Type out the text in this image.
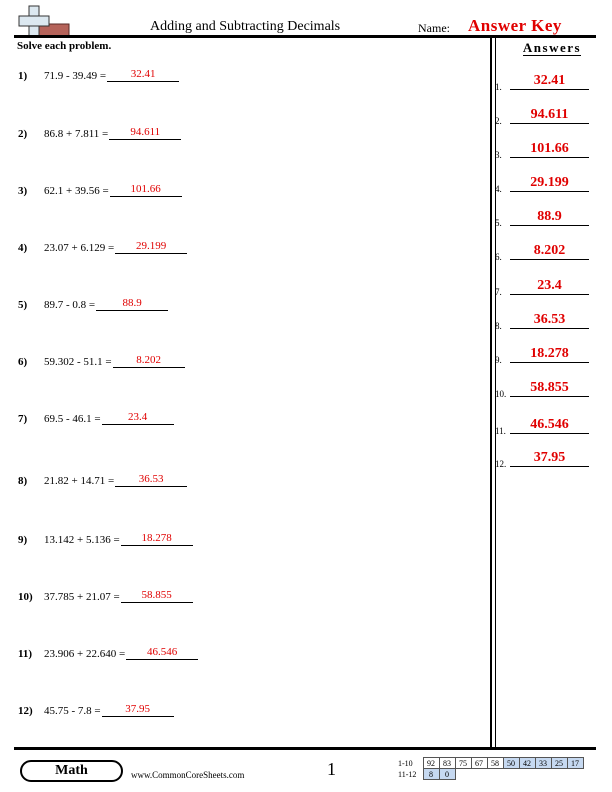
Adding and Subtracting Decimals	Name: Answer Key
Solve each problem.
1)	71.9 - 39.49 =	32.41
2)	86.8 + 7.811 =	94.611
3)	62.1 + 39.56 =	101.66
4)	23.07 + 6.129 =	29.199
5)	89.7 - 0.8 =	88.9
6)	59.302 - 51.1 =	8.202
7)	69.5 - 46.1 =	23.4
8)	21.82 + 14.71 =	36.53
9)	13.142 + 5.136 =	18.278
10)	37.785 + 21.07 =	58.855
11)	23.906 + 22.640 =	46.546
12)	45.75 - 7.8 =	37.95
Answers
1.	32.41
2.	94.611
3.	101.66
4.	29.199
5.	88.9
6.	8.202
7.	23.4
8.	36.53
9.	18.278
10.	58.855
11.	46.546
12.	37.95
Math	www.CommonCoreSheets.com	1	1-10	92	83	75	67	58	50	42	33	25	17
11-12	8	0								
